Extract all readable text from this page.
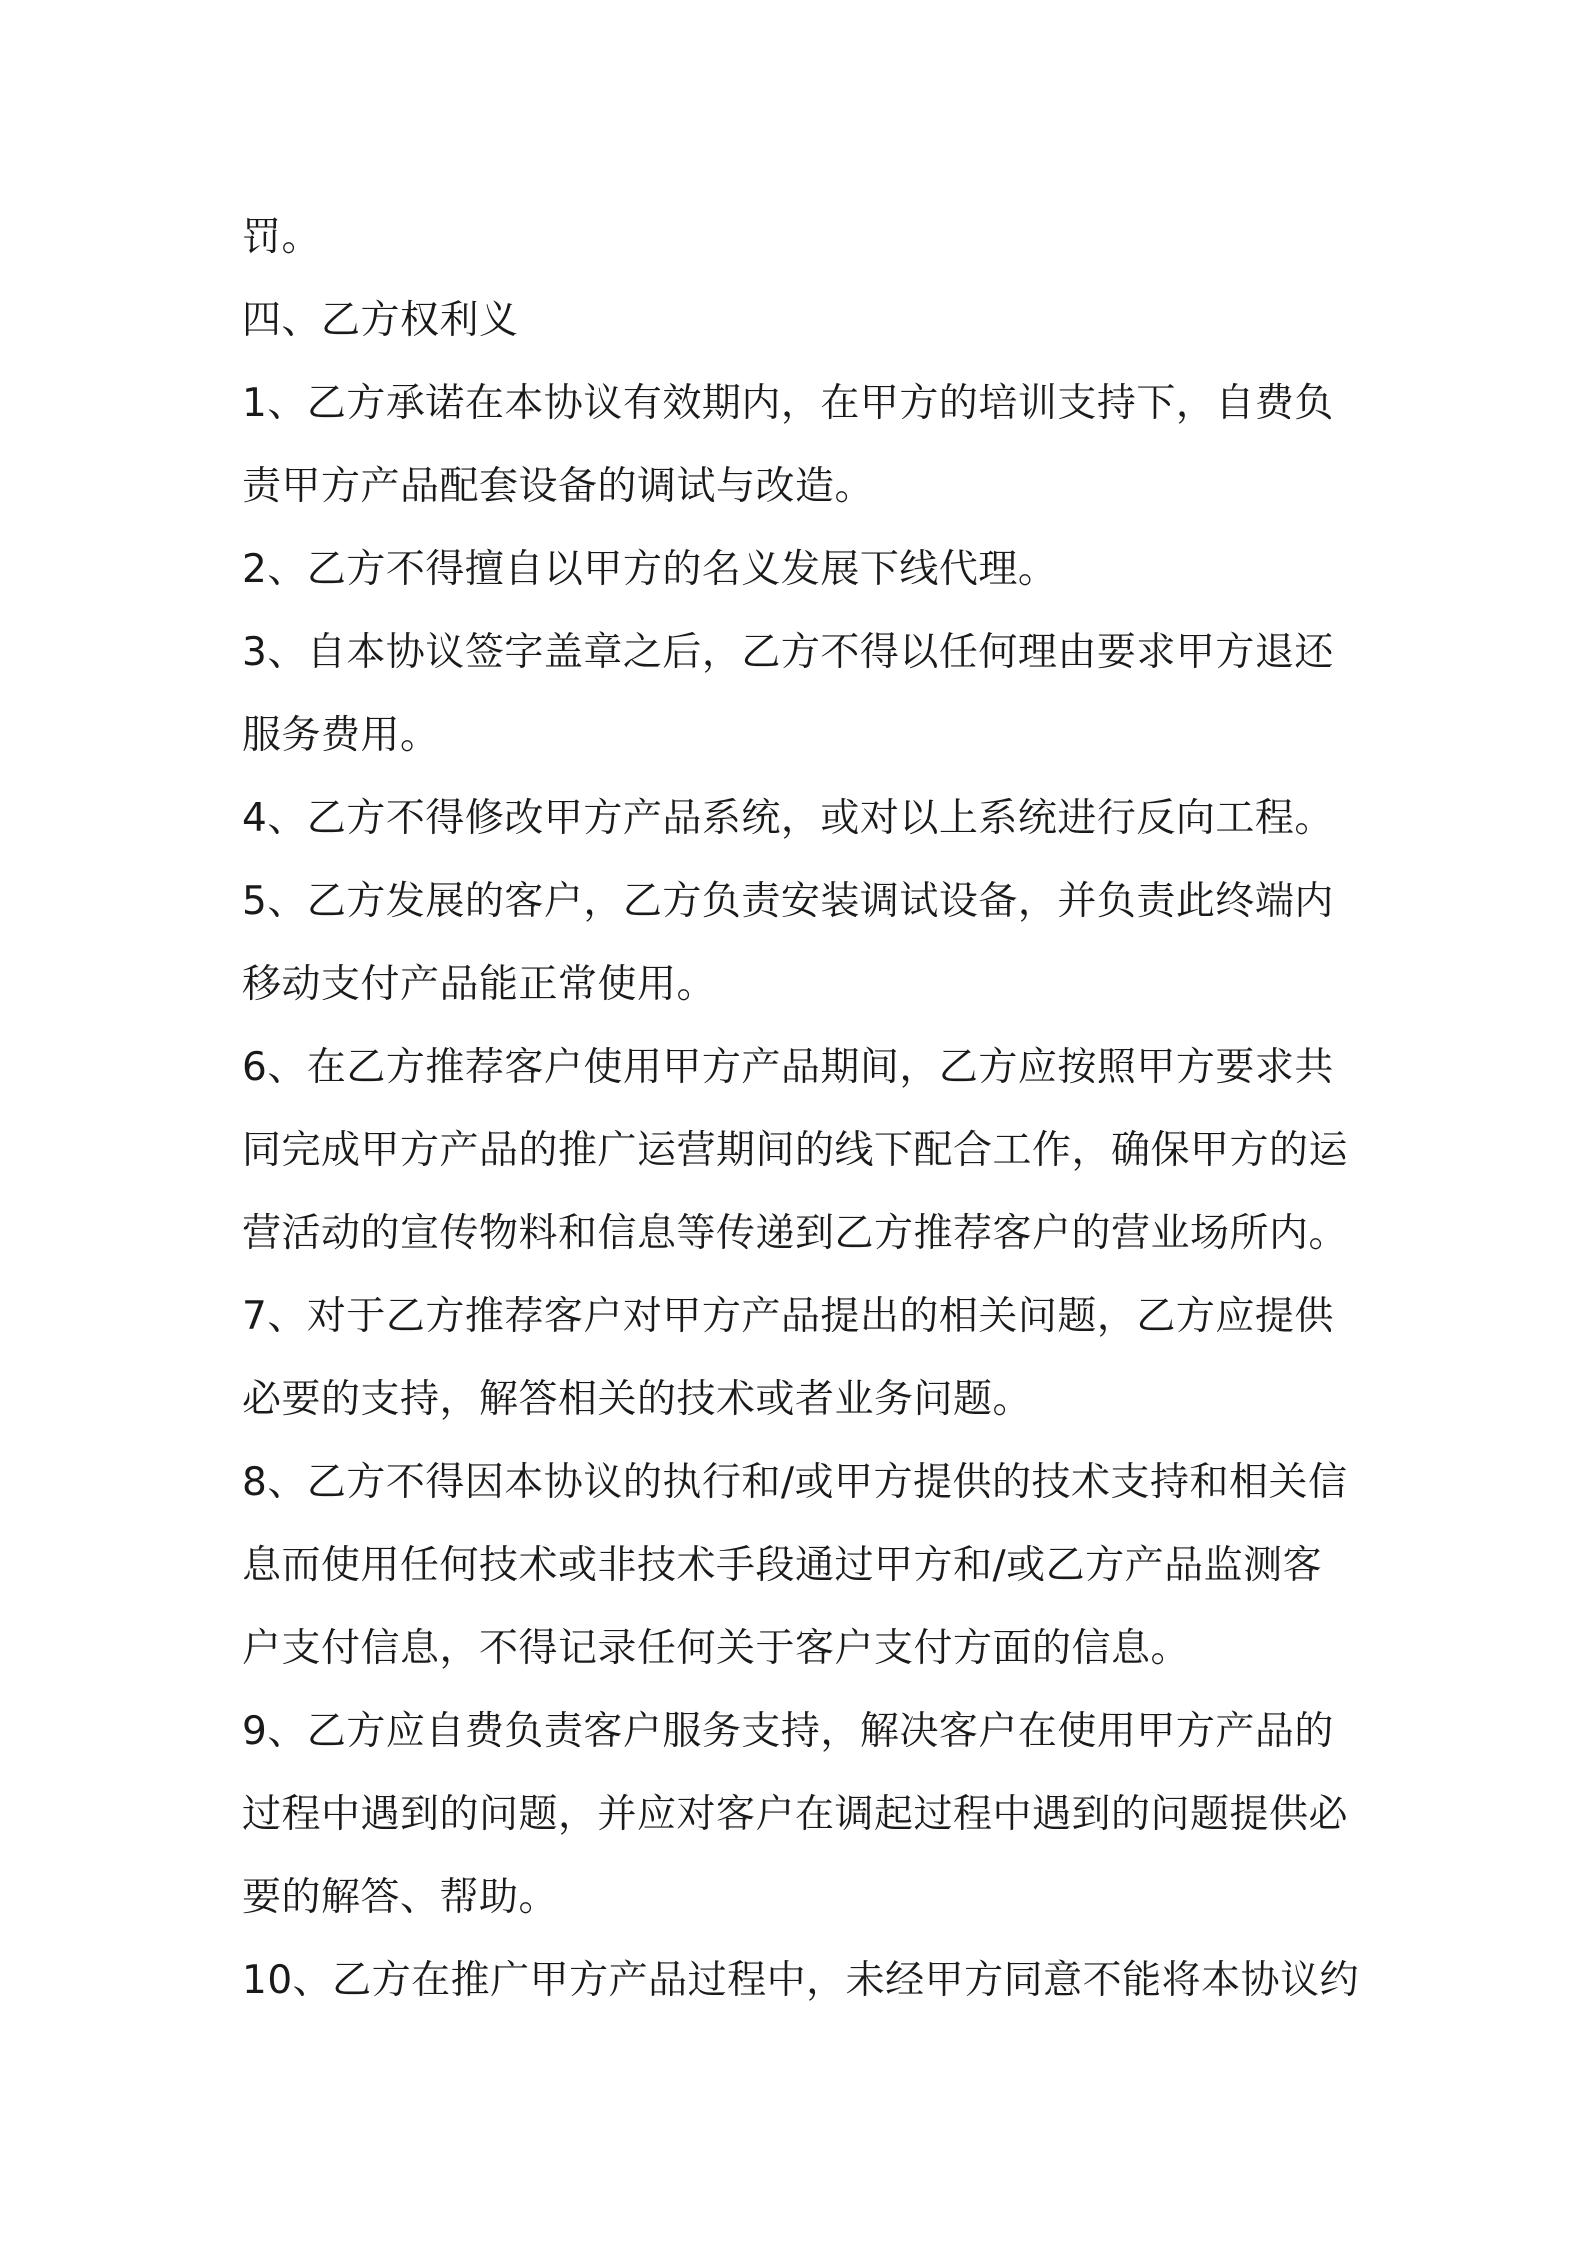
罚。
四、乙方权利义
1、乙方承诺在本协议有效期内，在甲方的培训支持下，自费负
责甲方产品配套设备的调试与改造。
2、乙方不得擅自以甲方的名义发展下线代理。
3、自本协议签字盖章之后，乙方不得以任何理由要求甲方退还
服务费用。
4、乙方不得修改甲方产品系统，或对以上系统进行反向工程。
5、乙方发展的客户，乙方负责安装调试设备，并负责此终端内
移动支付产品能正常使用。
6、在乙方推荐客户使用甲方产品期间，乙方应按照甲方要求共
同完成甲方产品的推广运营期间的线下配合工作，确保甲方的运
营活动的宣传物料和信息等传递到乙方推荐客户的营业场所内。
7、对于乙方推荐客户对甲方产品提出的相关问题，乙方应提供
必要的支持，解答相关的技术或者业务问题。
8、乙方不得因本协议的执行和/或甲方提供的技术支持和相关信
息而使用任何技术或非技术手段通过甲方和/或乙方产品监测客
户支付信息，不得记录任何关于客户支付方面的信息。
9、乙方应自费负责客户服务支持，解决客户在使用甲方产品的
过程中遇到的问题，并应对客户在调起过程中遇到的问题提供必
要的解答、帮助。
10、乙方在推广甲方产品过程中，未经甲方同意不能将本协议约
